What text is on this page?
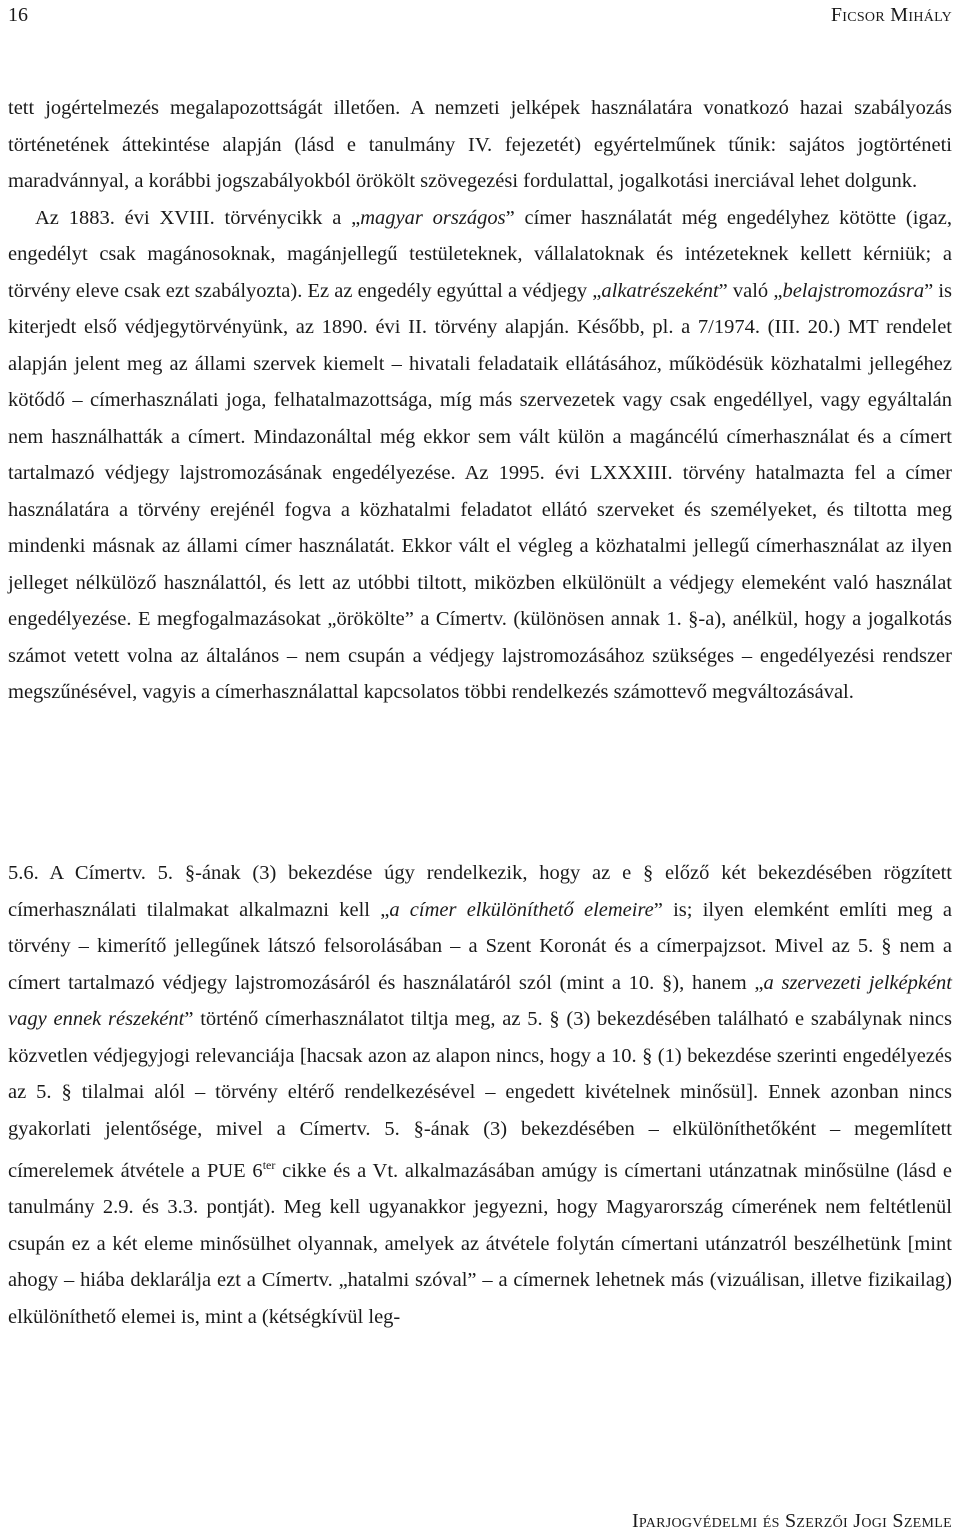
16	Ficsor Mihály

tett jogértelmezés megalapozottságát illetően. A nemzeti jelképek használatára vonatkozó hazai szabályozás történetének áttekintése alapján (lásd e tanulmány IV. fejezetét) egyértelműnek tűnik: sajátos jogtörténeti maradvánnyal, a korábbi jogszabályokból örökölt szövegezési fordulattal, jogalkotási inerciával lehet dolgunk.

Az 1883. évi XVIII. törvénycikk a „magyar országos” címer használatát még engedélyhez kötötte (igaz, engedélyt csak magánosoknak, magánjellegű testületeknek, vállalatoknak és intézeteknek kellett kérniük; a törvény eleve csak ezt szabályozta). Ez az engedély egyúttal a védjegy „alkatrészeként” való „belajstromozásra” is kiterjedt első védjegytörvényünk, az 1890. évi II. törvény alapján. Később, pl. a 7/1974. (III. 20.) MT rendelet alapján jelent meg az állami szervek kiemelt – hivatali feladataik ellátásához, működésük közhatalmi jellegéhez kötődő – címerhasználati joga, felhatalmazottsága, míg más szervezetek vagy csak engedéllyel, vagy egyáltalán nem használhatták a címert. Mindazonáltal még ekkor sem vált külön a magáncélú címerhasználat és a címert tartalmazó védjegy lajstromozásának engedélyezése. Az 1995. évi LXXXIII. törvény hatalmazta fel a címer használatára a törvény erejénél fogva a közhatalmi feladatot ellátó szerveket és személyeket, és tiltotta meg mindenki másnak az állami címer használatát. Ekkor vált el végleg a közhatalmi jellegű címerhasználat az ilyen jelleget nélkülöző használattól, és lett az utóbbi tiltott, miközben elkülönült a védjegy elemeként való használat engedélyezése. E megfogalmazásokat „örökölte” a Címertv. (különösen annak 1. §-a), anélkül, hogy a jogalkotás számot vetett volna az általános – nem csupán a védjegy lajstromozásához szükséges – engedélyezési rendszer megszűnésével, vagyis a címerhasználattal kapcsolatos többi rendelkezés számottevő megváltozásával.

5.6. A Címertv. 5. §-ának (3) bekezdése úgy rendelkezik, hogy az e § előző két bekezdésében rögzített címerhasználati tilalmakat alkalmazni kell „a címer elkülöníthető elemeire” is; ilyen elemként említi meg a törvény – kimerítő jellegűnek látszó felsorolásában – a Szent Koronát és a címerpajzsot. Mivel az 5. § nem a címert tartalmazó védjegy lajstromozásáról és használatáról szól (mint a 10. §), hanem „a szervezeti jelképként vagy ennek részeként” történő címerhasználatot tiltja meg, az 5. § (3) bekezdésében található e szabálynak nincs közvetlen védjegyjogi relevanciája [hacsak azon az alapon nincs, hogy a 10. § (1) bekezdése szerinti engedélyezés az 5. § tilalmai alól – törvény eltérő rendelkezésével – engedett kivételnek minősül]. Ennek azonban nincs gyakorlati jelentősége, mivel a Címertv. 5. §-ának (3) bekezdésében – elkülöníthetőként – megemlített címerelemek átvétele a PUE $6^{ter}$ cikke és a Vt. alkalmazásában amúgy is címertani utánzatnak minősülne (lásd e tanulmány 2.9. és 3.3. pontját). Meg kell ugyanakkor jegyezni, hogy Magyarország címerének nem feltétlenül csupán ez a két eleme minősülhet olyannak, amelyek az átvétele folytán címertani utánzatról beszélhetünk [mint ahogy – hiába deklarálja ezt a Címertv. „hatalmi szóval” – a címernek lehetnek más (vizuálisan, illetve fizikailag) elkülöníthető elemei is, mint a (kétségkívül leg-

Iparjogvédelmi és Szerzői Jogi Szemle
